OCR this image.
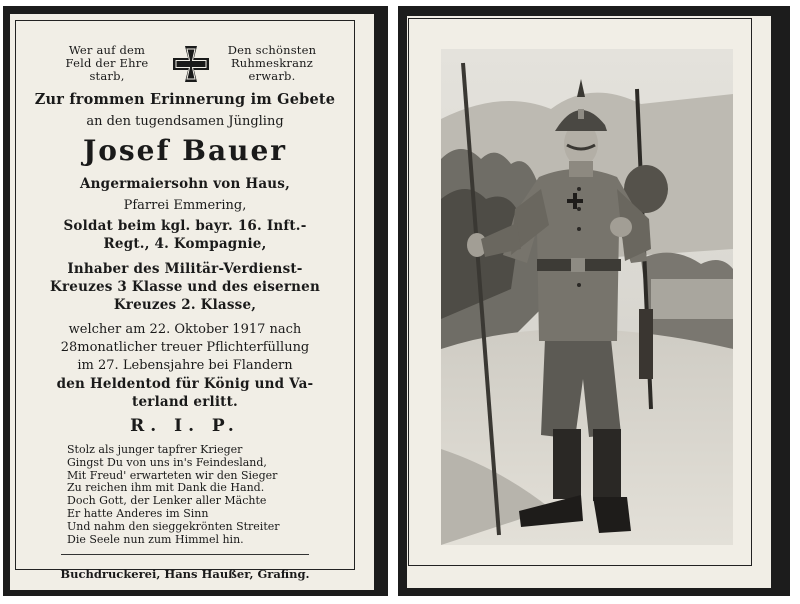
Wer auf dem
Feld der Ehre
starb,
Den schönsten
Ruhmeskranz
erwarb.
Zur frommen Erinnerung im Gebete
an den tugendsamen Jüngling
Josef Bauer
Angermaiersohn von Haus,
Pfarrei Emmering,
Soldat beim kgl. bayr. 16. Inft.-
Regt., 4. Kompagnie,
Inhaber des Militär-Verdienst-
Kreuzes 3 Klasse und des eisernen
Kreuzes 2. Klasse,
welcher am 22. Oktober 1917 nach
28monatlicher treuer Pflichterfüllung
im 27. Lebensjahre bei Flandern
den Heldentod für König und Va-
terland erlitt.
R. I. P.
Stolz als junger tapfrer Krieger
Gingst Du von uns in's Feindesland,
Mit Freud' erwarteten wir den Sieger
Zu reichen ihm mit Dank die Hand.
Doch Gott, der Lenker aller Mächte
Er hatte Anderes im Sinn
Und nahm den sieggekrönten Streiter
Die Seele nun zum Himmel hin.
Buchdruckerei, Hans Haußer, Grafing.
